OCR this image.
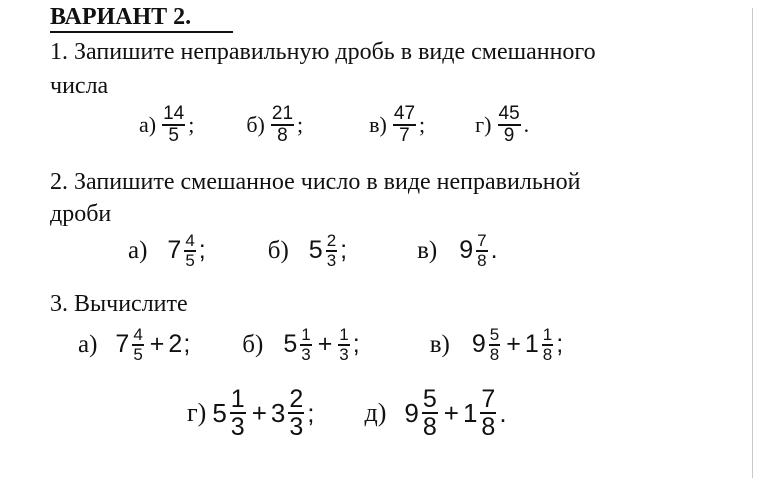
ВАРИАНТ 2.
1. Запишите неправильную дробь в виде смешанного
числа
$а) \frac{14}{5}$ ; $б) \frac{21}{8}$ ;	$в) \frac{47}{7}$ ; $г) \frac{45}{9}$ .
2. Запишите смешанное число в виде неправильной
дроби
а) $7 \frac{4}{5}$ ; б) $5 \frac{2}{3}$ ;	в) $9 \frac{7}{8}$ .
3. Вычислите
а) $7 \frac{4}{5} + 2$ ; б) $5 \frac{1}{3} + \frac{1}{3}$ ;	в) $9 \frac{5}{8} + 1 \frac{1}{8}$ ;
г) $5 \frac{1}{3} + 3 \frac{2}{3}$ ; д) $9 \frac{5}{8} + 1 \frac{7}{8}$ .
